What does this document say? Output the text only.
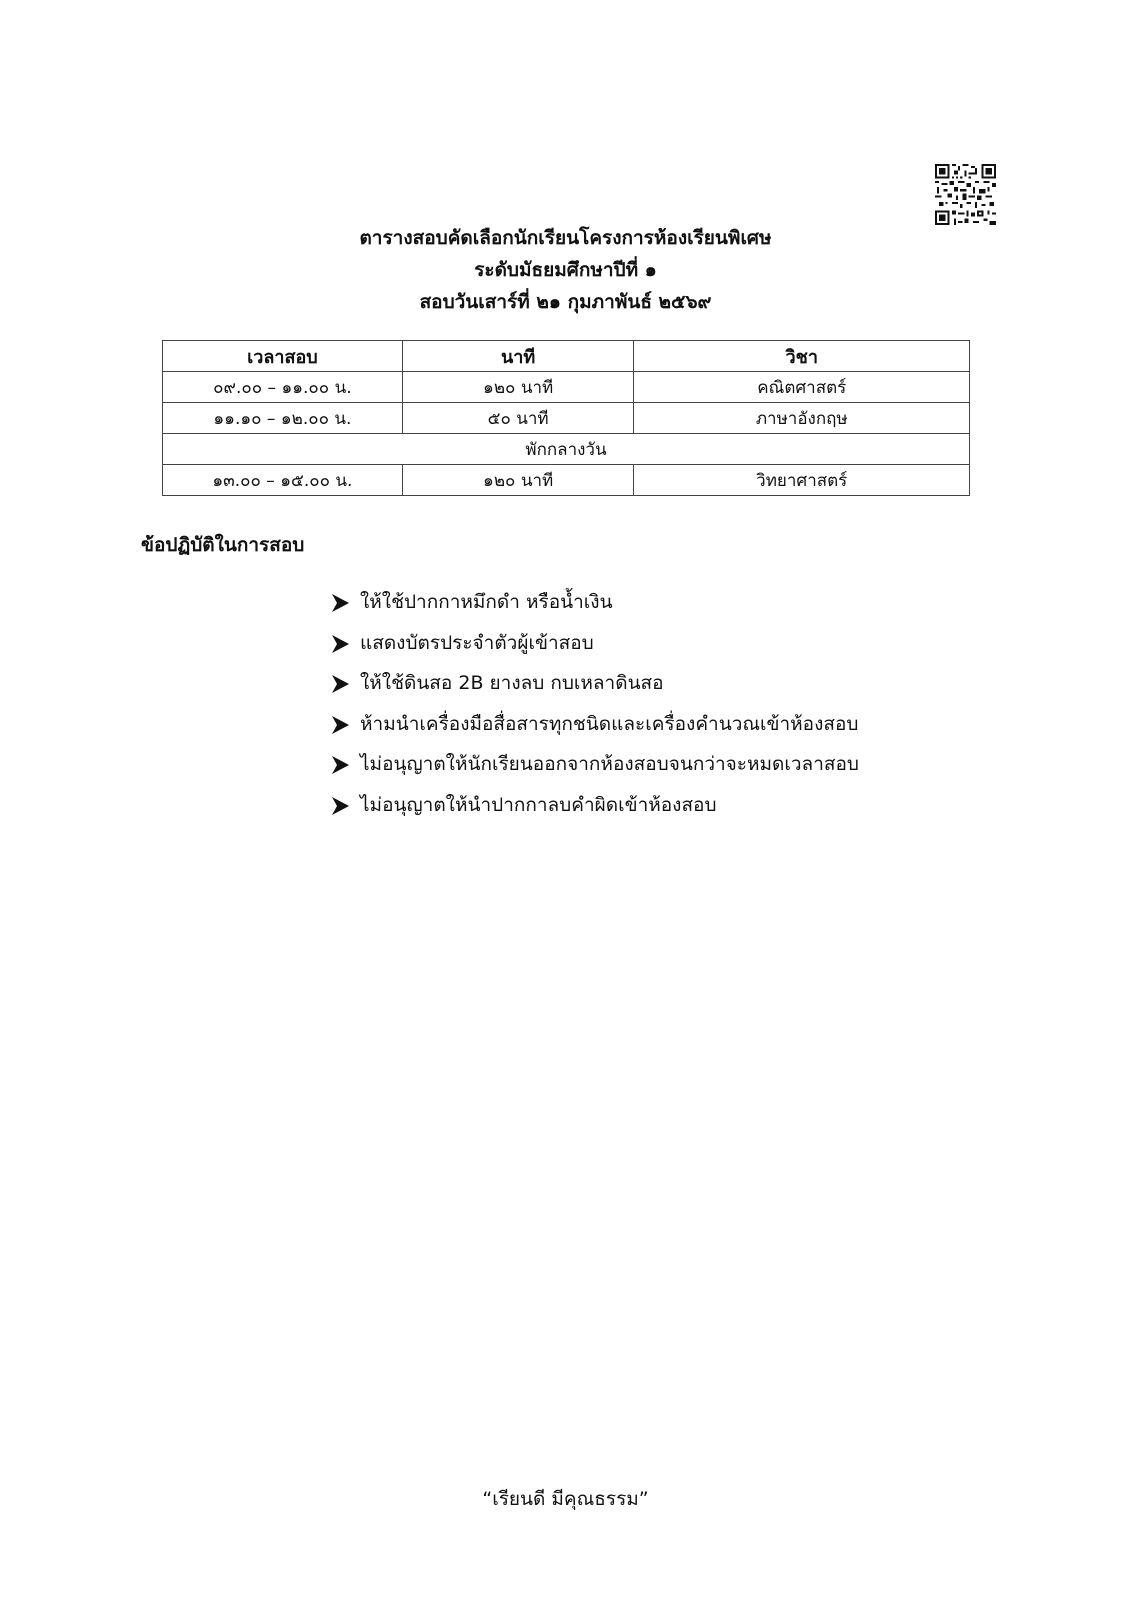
ตารางสอบคัดเลือกนักเรียนโครงการห้องเรียนพิเศษ
ระดับมัธยมศึกษาปีที่ ๑
สอบวันเสาร์ที่ ๒๑ กุมภาพันธ์ ๒๕๖๙
เวลาสอบ	นาที	วิชา
๐๙.๐๐ – ๑๑.๐๐ น.	๑๒๐ นาที	คณิตศาสตร์
๑๑.๑๐ – ๑๒.๐๐ น.	๕๐ นาที	ภาษาอังกฤษ
พักกลางวัน		
๑๓.๐๐ – ๑๕.๐๐ น.	๑๒๐ นาที	วิทยาศาสตร์
ข้อปฏิบัติในการสอบ
ให้ใช้ปากกาหมึกดำ หรือน้ำเงิน
แสดงบัตรประจำตัวผู้เข้าสอบ
ให้ใช้ดินสอ 2B ยางลบ กบเหลาดินสอ
ห้ามนำเครื่องมือสื่อสารทุกชนิดและเครื่องคำนวณเข้าห้องสอบ
ไม่อนุญาตให้นักเรียนออกจากห้องสอบจนกว่าจะหมดเวลาสอบ
ไม่อนุญาตให้นำปากกาลบคำผิดเข้าห้องสอบ
“เรียนดี มีคุณธรรม”
